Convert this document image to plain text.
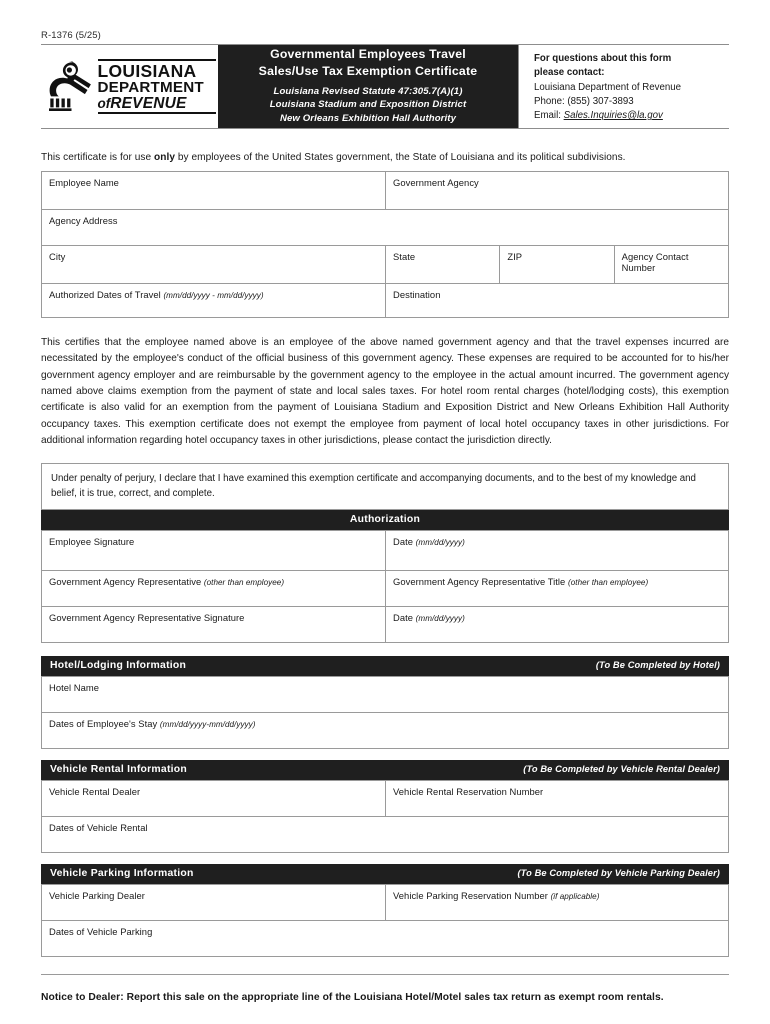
R-1376 (5/25)
LOUISIANA
DEPARTMENT
ofREVENUE
Governmental Employees Travel
Sales/Use Tax Exemption Certificate
Louisiana Revised Statute 47:305.7(A)(1)
Louisiana Stadium and Exposition District
New Orleans Exhibition Hall Authority
For questions about this form
please contact:
Louisiana Department of Revenue
Phone: (855) 307-3893
Email: Sales.Inquiries@la.gov
This certificate is for use only by employees of the United States government, the State of Louisiana and its political subdivisions.
Employee Name	Government Agency		
Agency Address			
City	State	ZIP	Agency Contact Number
Authorized Dates of Travel (mm/dd/yyyy - mm/dd/yyyy)	Destination		
This certifies that the employee named above is an employee of the above named government agency and that the travel expenses incurred are necessitated by the employee's conduct of the official business of this government agency. These expenses are required to be accounted for to his/her government agency employer and are reimbursable by the government agency to the employee in the actual amount incurred. The government agency named above claims exemption from the payment of state and local sales taxes. For hotel room rental charges (hotel/lodging costs), this exemption certificate is also valid for an exemption from the payment of Louisiana Stadium and Exposition District and New Orleans Exhibition Hall Authority occupancy taxes. This exemption certificate does not exempt the employee from payment of local hotel occupancy taxes in other jurisdictions. For additional information regarding hotel occupancy taxes in other jurisdictions, please contact the jurisdiction directly.
Under penalty of perjury, I declare that I have examined this exemption certificate and accompanying documents, and to the best of my knowledge and belief, it is true, correct, and complete.
Authorization
Employee Signature	Date (mm/dd/yyyy)
Government Agency Representative (other than employee)	Government Agency Representative Title (other than employee)
Government Agency Representative Signature	Date (mm/dd/yyyy)
Hotel/Lodging Information	(To Be Completed by Hotel)
Hotel Name
Dates of Employee's Stay (mm/dd/yyyy-mm/dd/yyyy)
Vehicle Rental Information	(To Be Completed by Vehicle Rental Dealer)
Vehicle Rental Dealer	Vehicle Rental Reservation Number
Dates of Vehicle Rental
Vehicle Parking Information	(To Be Completed by Vehicle Parking Dealer)
Vehicle Parking Dealer	Vehicle Parking Reservation Number (if applicable)
Dates of Vehicle Parking
Notice to Dealer: Report this sale on the appropriate line of the Louisiana Hotel/Motel sales tax return as exempt room rentals.
